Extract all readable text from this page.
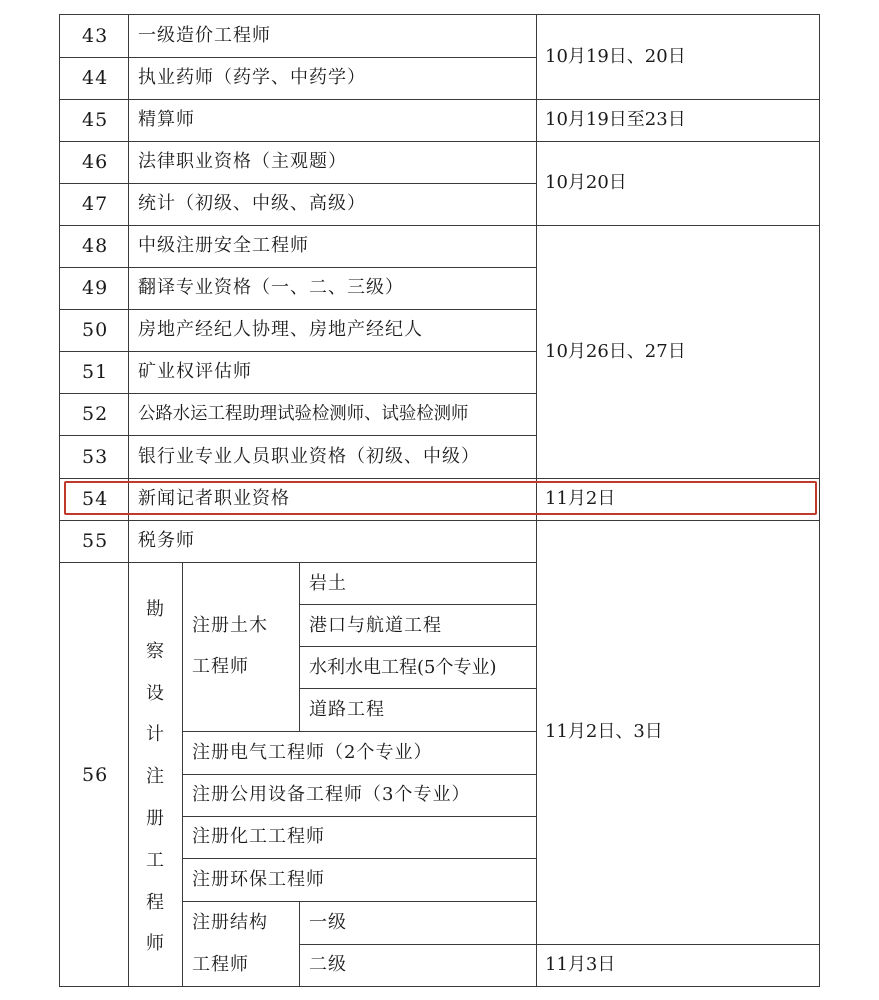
43
44
45
46
47
48
49
50
51
52
53
54
55
56
一级造价工程师
执业药师（药学、中药学）
精算师
法律职业资格（主观题）
统计（初级、中级、高级）
中级注册安全工程师
翻译专业资格（一、二、三级）
房地产经纪人协理、房地产经纪人
矿业权评估师
公路水运工程助理试验检测师、试验检测师
银行业专业人员职业资格（初级、中级）
新闻记者职业资格
税务师
10月19日、20日
10月19日至23日
10月20日
10月26日、27日
11月2日
11月2日、3日
11月3日
勘
察
设
计
注
册
工
程
师
注册土木
工程师
岩土
港口与航道工程
水利水电工程(5个专业)
道路工程
注册电气工程师（2个专业）
注册公用设备工程师（3个专业）
注册化工工程师
注册环保工程师
注册结构
工程师
一级
二级
